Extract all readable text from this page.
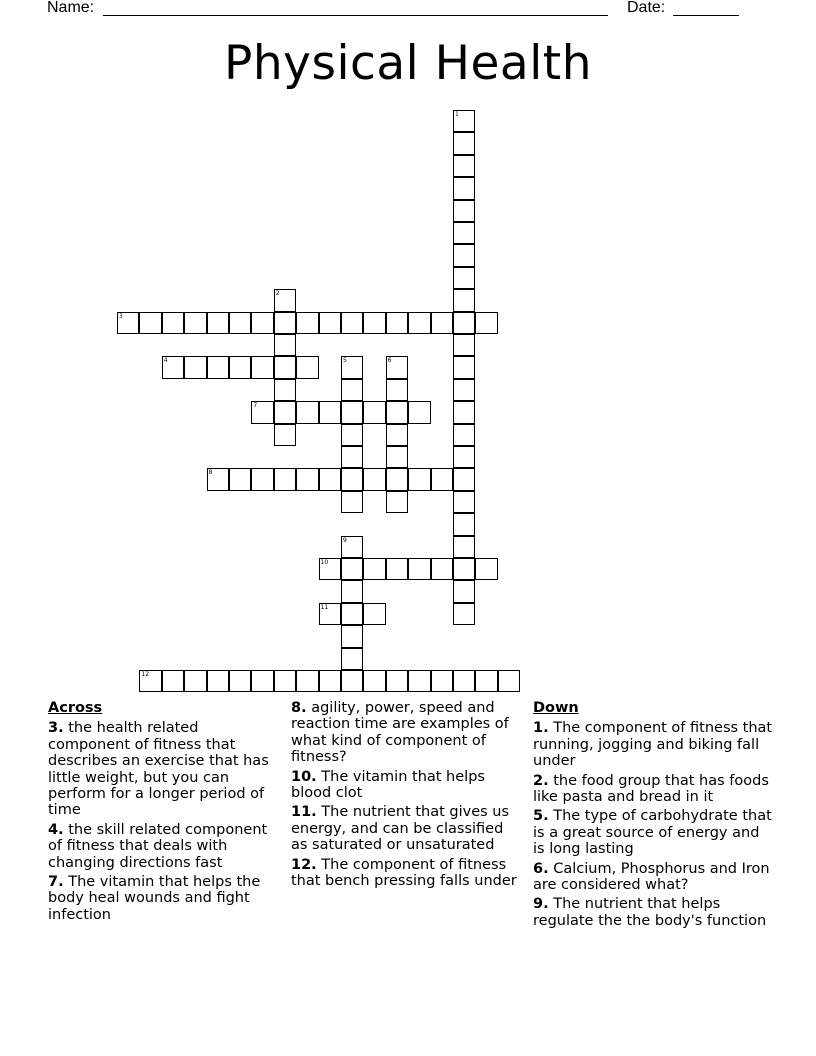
Name:	Date:
Physical Health
1
2
3
4	5	6
7
8
9
10
11
12
Across
3. the health related component of fitness that describes an exercise that has little weight, but you can perform for a longer period of time
4. the skill related component of fitness that deals with changing directions fast
7. The vitamin that helps the body heal wounds and fight infection
8. agility, power, speed and reaction time are examples of what kind of component of fitness?
10. The vitamin that helps blood clot
11. The nutrient that gives us energy, and can be classified as saturated or unsaturated
12. The component of fitness that bench pressing falls under
Down
1. The component of fitness that running, jogging and biking fall under
2. the food group that has foods like pasta and bread in it
5. The type of carbohydrate that is a great source of energy and is long lasting
6. Calcium, Phosphorus and Iron are considered what?
9. The nutrient that helps regulate the the body's function
